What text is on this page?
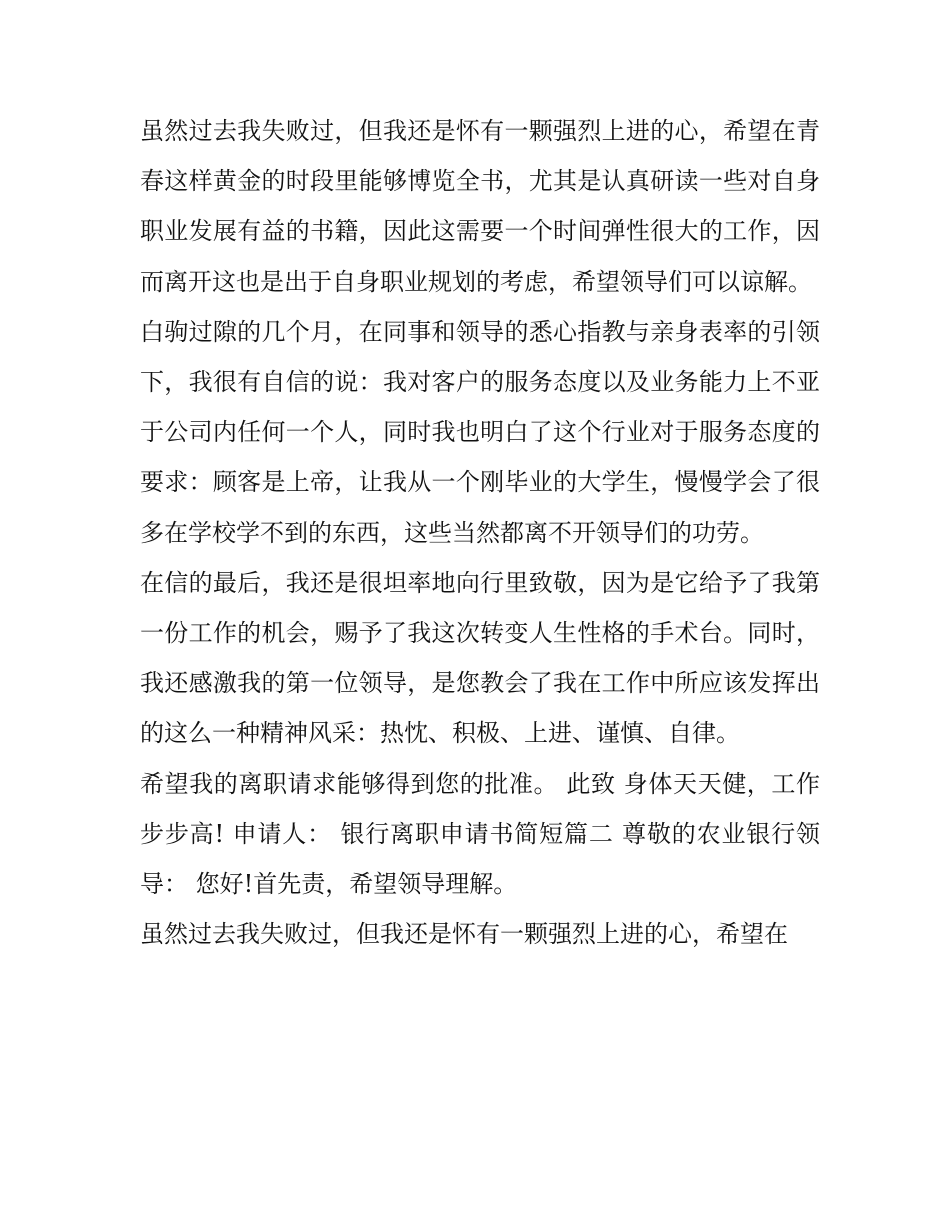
虽然过去我失败过，但我还是怀有一颗强烈上进的心，希望在青春这样黄金的时段里能够博览全书，尤其是认真研读一些对自身职业发展有益的书籍，因此这需要一个时间弹性很大的工作，因而离开这也是出于自身职业规划的考虑，希望领导们可以谅解。

白驹过隙的几个月，在同事和领导的悉心指教与亲身表率的引领下，我很有自信的说：我对客户的服务态度以及业务能力上不亚于公司内任何一个人，同时我也明白了这个行业对于服务态度的要求：顾客是上帝，让我从一个刚毕业的大学生，慢慢学会了很多在学校学不到的东西，这些当然都离不开领导们的功劳。

在信的最后，我还是很坦率地向行里致敬，因为是它给予了我第一份工作的机会，赐予了我这次转变人生性格的手术台。同时，我还感激我的第一位领导，是您教会了我在工作中所应该发挥出的这么一种精神风采：热忱、积极、上进、谨慎、自律。

希望我的离职请求能够得到您的批准。 此致 身体天天健，工作步步高! 申请人： 银行离职申请书简短篇二 尊敬的农业银行领导： 您好!首先责，希望领导理解。

虽然过去我失败过，但我还是怀有一颗强烈上进的心，希望在
